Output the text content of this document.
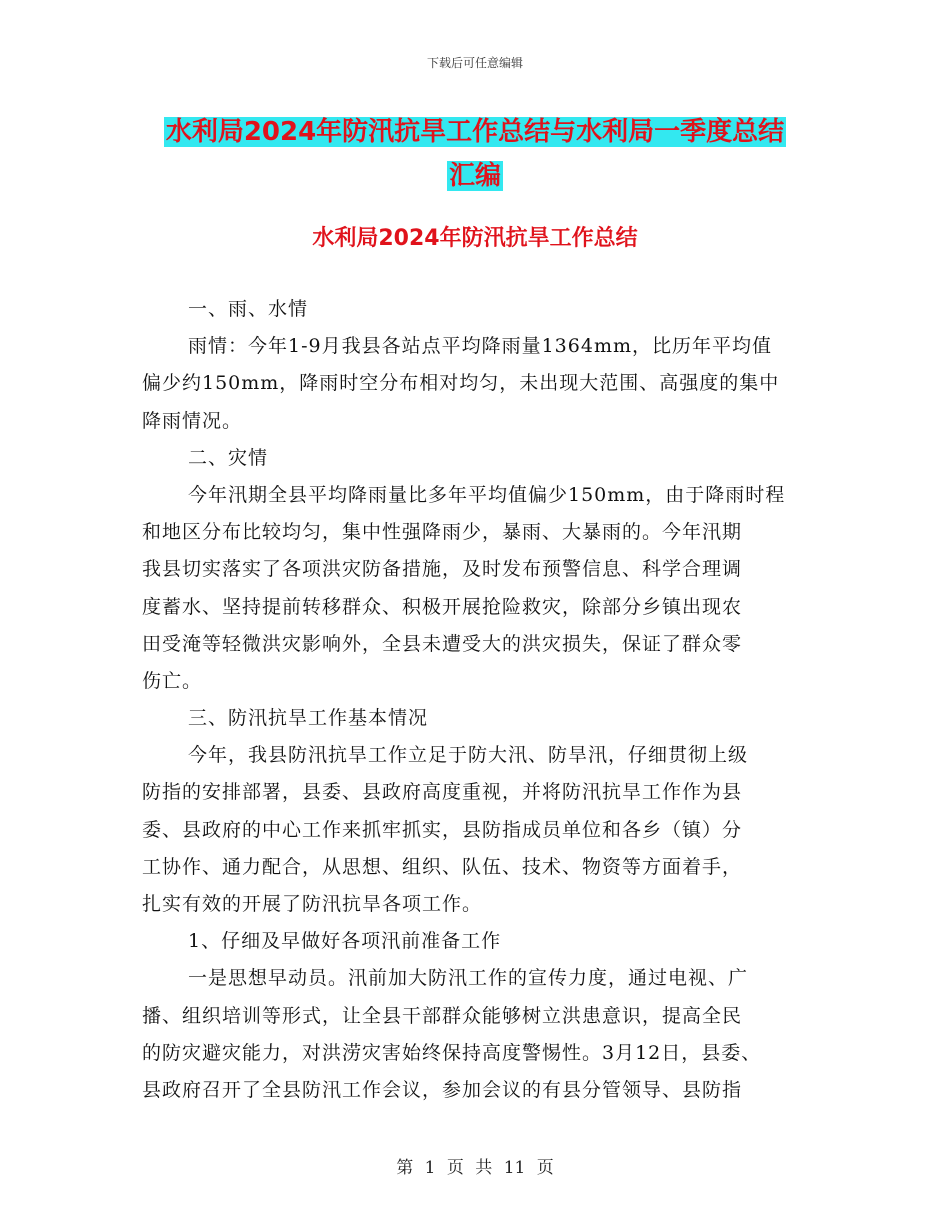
下载后可任意编辑
水利局2024年防汛抗旱工作总结与水利局一季度总结
汇编
水利局2024年防汛抗旱工作总结
一、雨、水情
雨情：今年1-9月我县各站点平均降雨量1364mm，比历年平均值
偏少约150mm，降雨时空分布相对均匀，未出现大范围、高强度的集中
降雨情况。
二、灾情
今年汛期全县平均降雨量比多年平均值偏少150mm，由于降雨时程
和地区分布比较均匀，集中性强降雨少，暴雨、大暴雨的。今年汛期
我县切实落实了各项洪灾防备措施，及时发布预警信息、科学合理调
度蓄水、坚持提前转移群众、积极开展抢险救灾，除部分乡镇出现农
田受淹等轻微洪灾影响外，全县未遭受大的洪灾损失，保证了群众零
伤亡。
三、防汛抗旱工作基本情况
今年，我县防汛抗旱工作立足于防大汛、防旱汛，仔细贯彻上级
防指的安排部署，县委、县政府高度重视，并将防汛抗旱工作作为县
委、县政府的中心工作来抓牢抓实，县防指成员单位和各乡（镇）分
工协作、通力配合，从思想、组织、队伍、技术、物资等方面着手，
扎实有效的开展了防汛抗旱各项工作。
1、仔细及早做好各项汛前准备工作
一是思想早动员。汛前加大防汛工作的宣传力度，通过电视、广
播、组织培训等形式，让全县干部群众能够树立洪患意识，提高全民
的防灾避灾能力，对洪涝灾害始终保持高度警惕性。3月12日，县委、
县政府召开了全县防汛工作会议，参加会议的有县分管领导、县防指
第 1 页 共 11 页
